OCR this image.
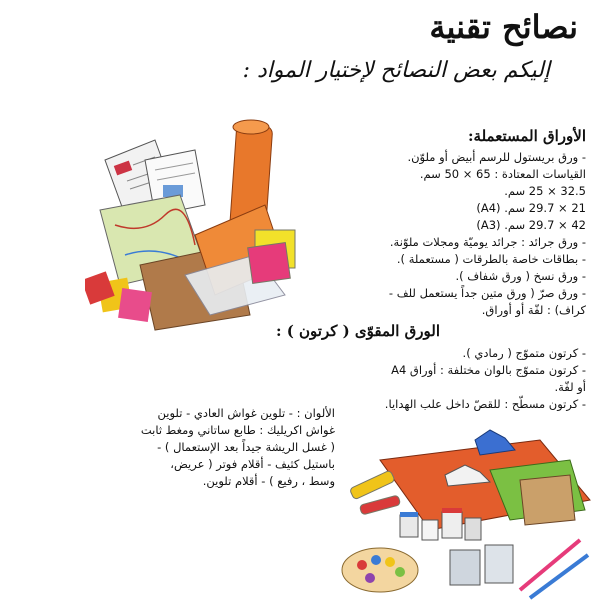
نصائح تقنية
إليكم بعض النصائح لإختيار المواد :
الأوراق المستعملة:
- ورق بريستول للرسم أبيض أو ملوّن.
القياسات المعتادة : 65 × 50 سم.
32.5 × 25 سم.
21 × 29.7 سم. (A4)
42 × 29.7 سم. (A3)
- ورق جرائد : جرائد يوميّة ومجلات ملوّنة.
- بطاقات خاصة بالطرقات ( مستعملة ).
- ورق نسخ ( ورق شفاف ).
- ورق صرّ ( ورق متين جداً يستعمل للف -
كراف) : لفّة أو أوراق.
الورق المقوّى ( كرتون ) :
- كرتون متموّج ( رمادي ).
- كرتون متموّج بالوان مختلفة : أوراق A4
أو لفّة.
- كرتون مسطّح : للقصّ داخل علب الهدايا.
الألوان : - تلوين غواش العادي - تلوين
غواش اكريليك : طابع ساتاني ومغط ثابت
( غسل الريشة جيداً بعد الإستعمال ) -
باستيل كثيف - أقلام فوتر ( عريض،
وسط ، رفيع ) - أقلام تلوين.
